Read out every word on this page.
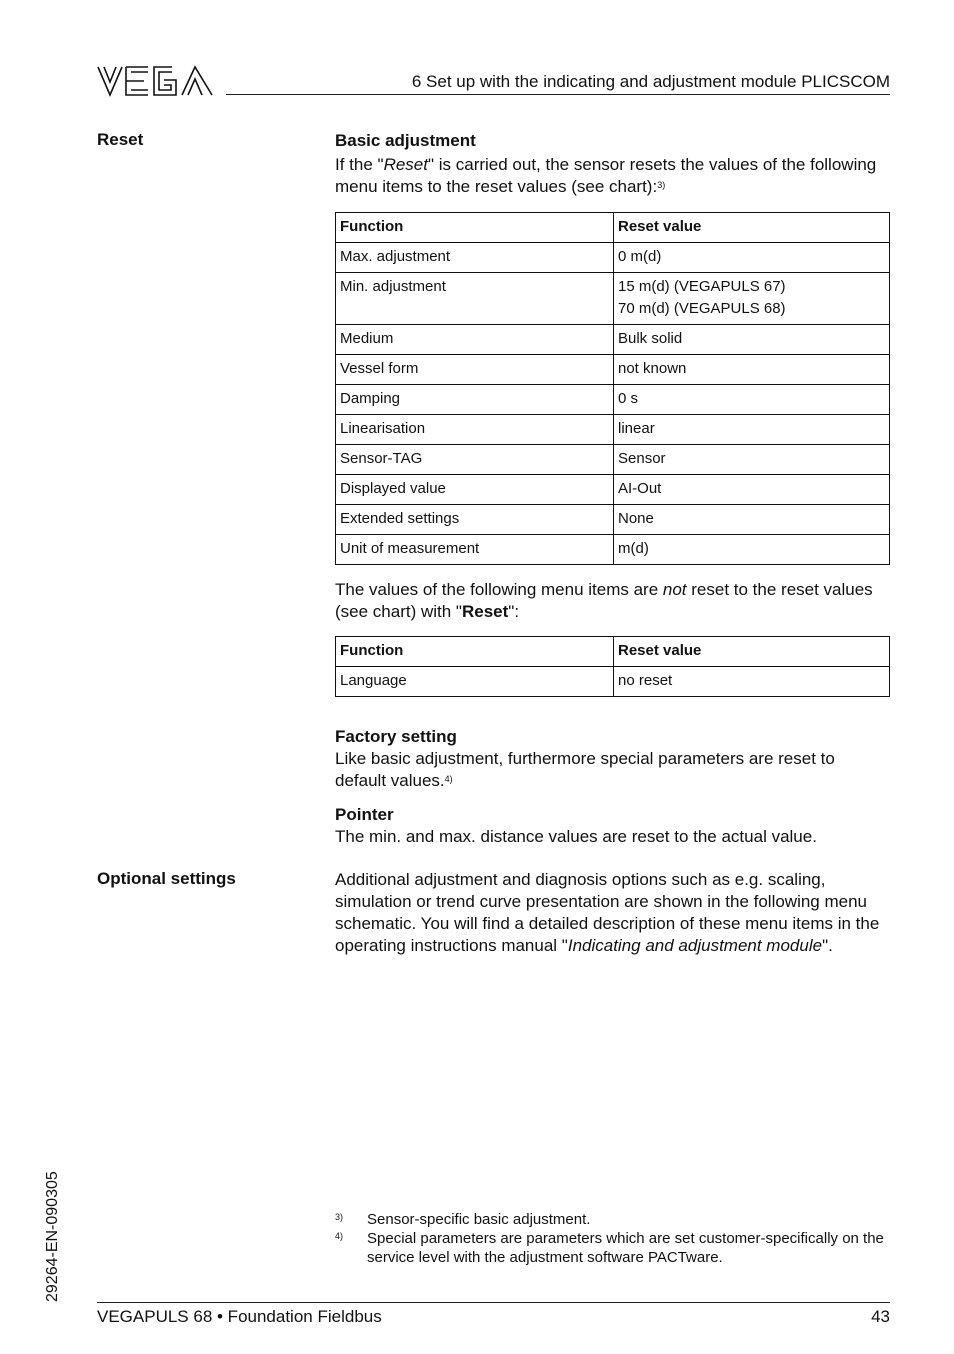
6 Set up with the indicating and adjustment module PLICSCOM
Reset
Optional settings
Basic adjustment
If the "Reset" is carried out, the sensor resets the values of the following menu items to the reset values (see chart):$^{3)}$
Function	Reset value
Max. adjustment	0 m(d)
Min. adjustment	15 m(d) (VEGAPULS 67)
70 m(d) (VEGAPULS 68)
Medium	Bulk solid
Vessel form	not known
Damping	0 s
Linearisation	linear
Sensor-TAG	Sensor
Displayed value	AI-Out
Extended settings	None
Unit of measurement	m(d)
The values of the following menu items are not reset to the reset values (see chart) with "Reset":
Function	Reset value
Language	no reset
Factory setting
Like basic adjustment, furthermore special parameters are reset to default values.$^{4)}$
Pointer
The min. and max. distance values are reset to the actual value.
Additional adjustment and diagnosis options such as e.g. scaling, simulation or trend curve presentation are shown in the following menu schematic. You will find a detailed description of these menu items in the operating instructions manual "Indicating and adjustment module".
3) Sensor-specific basic adjustment.
4) Special parameters are parameters which are set customer-specifically on the service level with the adjustment software PACTware.
29264-EN-090305
VEGAPULS 68 • Foundation Fieldbus	43
